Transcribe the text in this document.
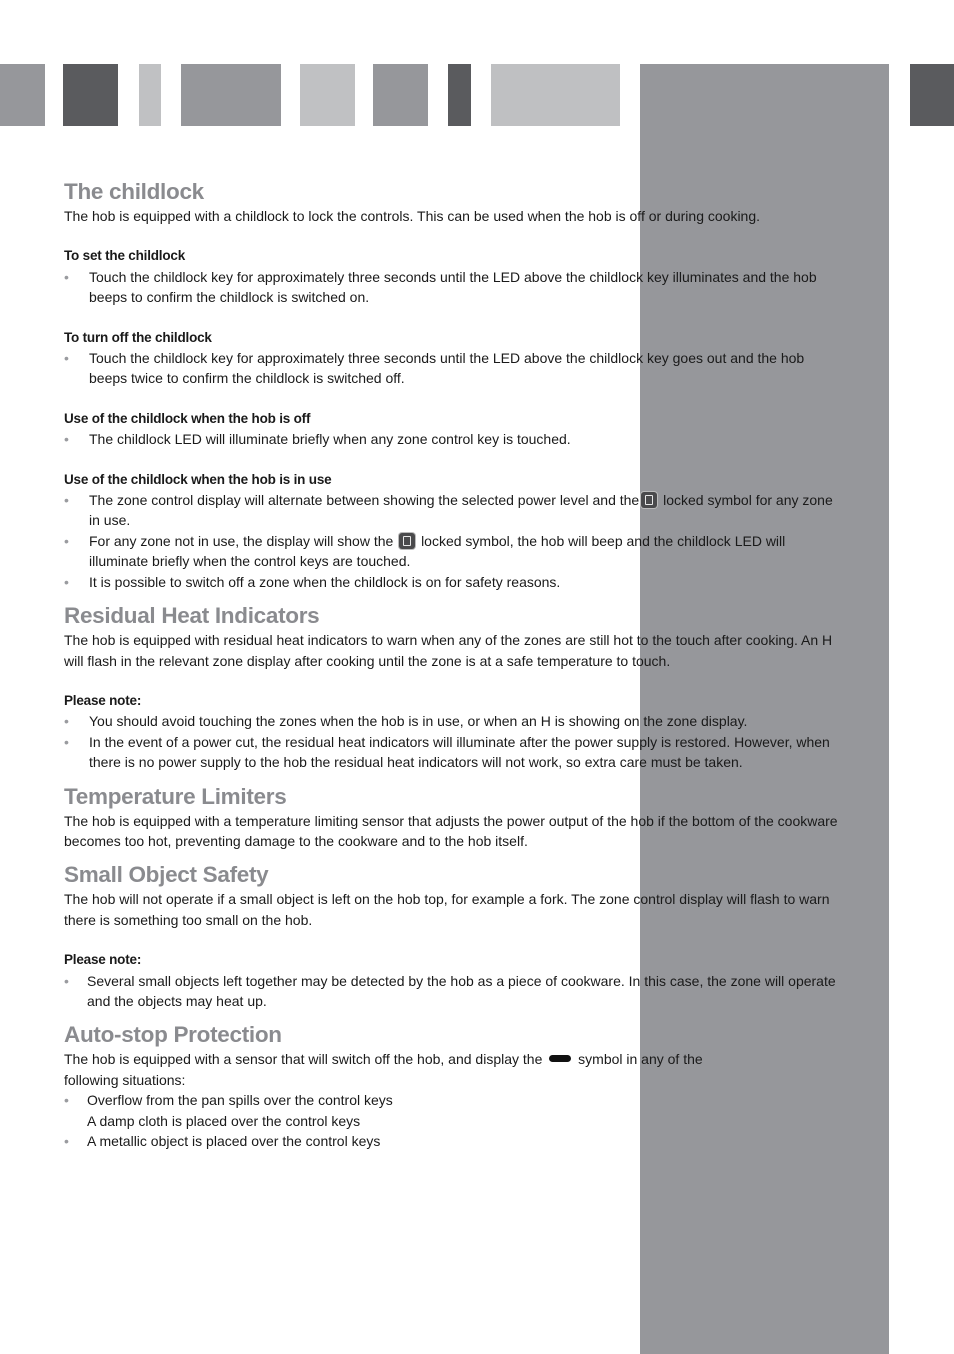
The childlock

The hob is equipped with a childlock to lock the controls. This can be used when the hob is off or during cooking.

To set the childlock

• Touch the childlock key for approximately three seconds until the LED above the childlock key illuminates and the hob beeps to confirm the childlock is switched on.

To turn off the childlock

• Touch the childlock key for approximately three seconds until the LED above the childlock key goes out and the hob beeps twice to confirm the childlock is switched off.

Use of the childlock when the hob is off

• The childlock LED will illuminate briefly when any zone control key is touched.

Use of the childlock when the hob is in use

• The zone control display will alternate between showing the selected power level and the locked symbol for any zone in use.
• For any zone not in use, the display will show the locked symbol, the hob will beep and the childlock LED will illuminate briefly when the control keys are touched.
• It is possible to switch off a zone when the childlock is on for safety reasons.
Residual Heat Indicators

The hob is equipped with residual heat indicators to warn when any of the zones are still hot to the touch after cooking. An H will flash in the relevant zone display after cooking until the zone is at a safe temperature to touch.

Please note:

• You should avoid touching the zones when the hob is in use, or when an H is showing on the zone display.
• In the event of a power cut, the residual heat indicators will illuminate after the power supply is restored. However, when there is no power supply to the hob the residual heat indicators will not work, so extra care must be taken.
Temperature Limiters

The hob is equipped with a temperature limiting sensor that adjusts the power output of the hob if the bottom of the cookware becomes too hot, preventing damage to the cookware and to the hob itself.

Small Object Safety

The hob will not operate if a small object is left on the hob top, for example a fork. The zone control display will flash to warn there is something too small on the hob.

Please note:

• Several small objects left together may be detected by the hob as a piece of cookware. In this case, the zone will operate and the objects may heat up.
Auto-stop Protection

The hob is equipped with a sensor that will switch off the hob, and display the	symbol in any of the
following situations:

• Overflow from the pan spills over the control keys
A damp cloth is placed over the control keys
• A metallic object is placed over the control keys
